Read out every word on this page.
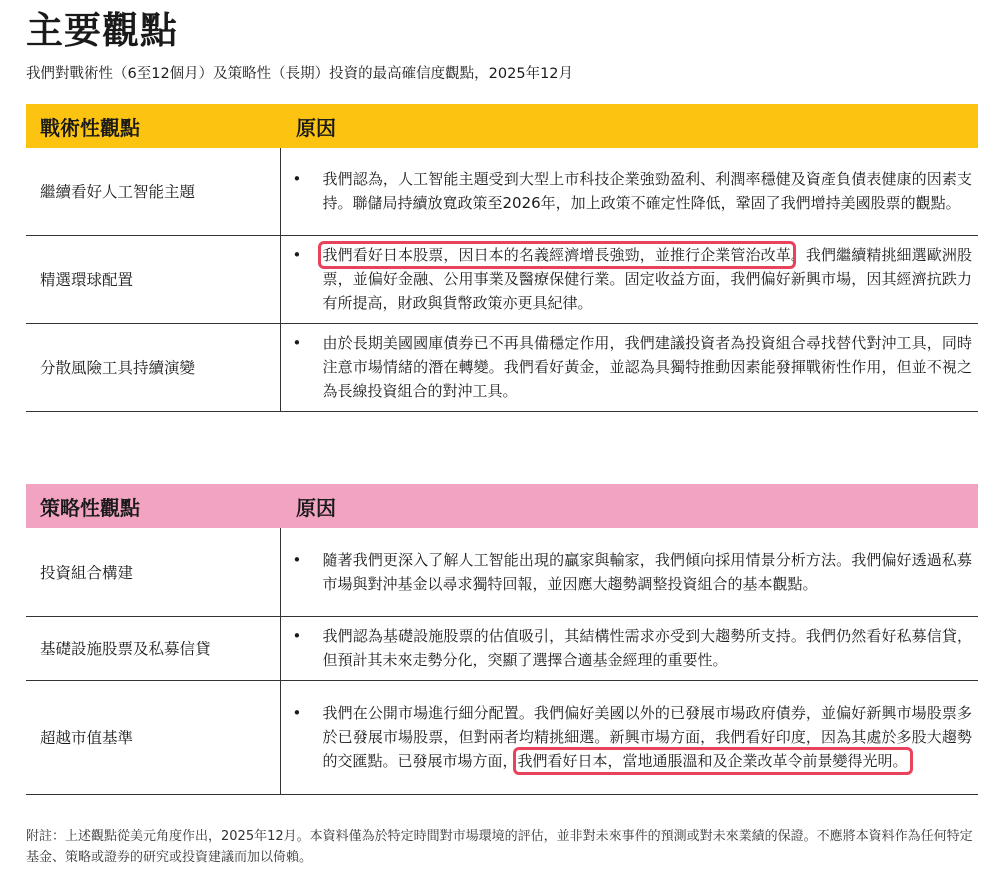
主要觀點
我們對戰術性（6至12個月）及策略性（長期）投資的最高確信度觀點，2025年12月
戰術性觀點	原因
繼續看好人工智能主題	• 我們認為，人工智能主題受到大型上市科技企業強勁盈利、利潤率穩健及資產負債表健康的因素支持。聯儲局持續放寬政策至2026年，加上政策不確定性降低，鞏固了我們增持美國股票的觀點。

精選環球配置	• 我們看好日本股票，因日本的名義經濟增長強勁，並推行企業管治改革。我們繼續精挑細選歐洲股票，並偏好金融、公用事業及醫療保健行業。固定收益方面，我們偏好新興市場，因其經濟抗跌力有所提高，財政與貨幣政策亦更具紀律。

分散風險工具持續演變	• 由於長期美國國庫債券已不再具備穩定作用，我們建議投資者為投資組合尋找替代對沖工具，同時注意市場情緒的潛在轉變。我們看好黃金，並認為具獨特推動因素能發揮戰術性作用，但並不視之為長線投資組合的對沖工具。
策略性觀點	原因
投資組合構建	• 隨著我們更深入了解人工智能出現的贏家與輸家，我們傾向採用情景分析方法。我們偏好透過私募市場與對沖基金以尋求獨特回報，並因應大趨勢調整投資組合的基本觀點。

基礎設施股票及私募信貸	• 我們認為基礎設施股票的估值吸引，其結構性需求亦受到大趨勢所支持。我們仍然看好私募信貸，但預計其未來走勢分化，突顯了選擇合適基金經理的重要性。

超越市值基準	• 我們在公開市場進行細分配置。我們偏好美國以外的已發展市場政府債券，並偏好新興市場股票多於已發展市場股票，但對兩者均精挑細選。新興市場方面，我們看好印度，因為其處於多股大趨勢的交匯點。已發展市場方面，我們看好日本，當地通脹溫和及企業改革令前景變得光明。
附註：上述觀點從美元角度作出，2025年12月。本資料僅為於特定時間對市場環境的評估，並非對未來事件的預測或對未來業績的保證。不應將本資料作為任何特定基金、策略或證券的研究或投資建議而加以倚賴。
